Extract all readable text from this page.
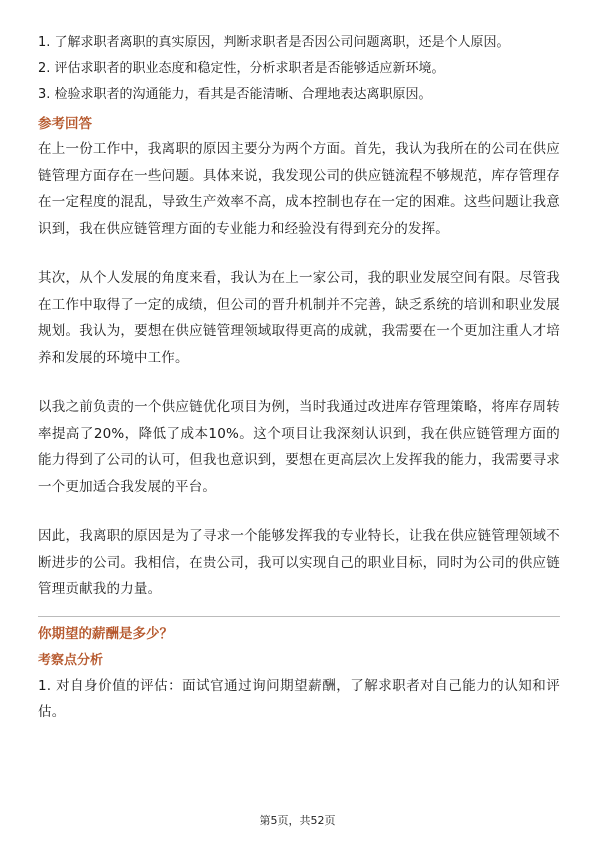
1. 了解求职者离职的真实原因，判断求职者是否因公司问题离职，还是个人原因。

2. 评估求职者的职业态度和稳定性，分析求职者是否能够适应新环境。

3. 检验求职者的沟通能力，看其是否能清晰、合理地表达离职原因。

参考回答

在上一份工作中，我离职的原因主要分为两个方面。首先，我认为我所在的公司在供应链管理方面存在一些问题。具体来说，我发现公司的供应链流程不够规范，库存管理存在一定程度的混乱，导致生产效率不高，成本控制也存在一定的困难。这些问题让我意识到，我在供应链管理方面的专业能力和经验没有得到充分的发挥。

其次，从个人发展的角度来看，我认为在上一家公司，我的职业发展空间有限。尽管我在工作中取得了一定的成绩，但公司的晋升机制并不完善，缺乏系统的培训和职业发展规划。我认为，要想在供应链管理领域取得更高的成就，我需要在一个更加注重人才培养和发展的环境中工作。

以我之前负责的一个供应链优化项目为例，当时我通过改进库存管理策略，将库存周转率提高了20%，降低了成本10%。这个项目让我深刻认识到，我在供应链管理方面的能力得到了公司的认可，但我也意识到，要想在更高层次上发挥我的能力，我需要寻求一个更加适合我发展的平台。

因此，我离职的原因是为了寻求一个能够发挥我的专业特长，让我在供应链管理领域不断进步的公司。我相信，在贵公司，我可以实现自己的职业目标，同时为公司的供应链管理贡献我的力量。

你期望的薪酬是多少？
考察点分析

1. 对自身价值的评估：面试官通过询问期望薪酬，了解求职者对自己能力的认知和评估。

第5页，共52页
